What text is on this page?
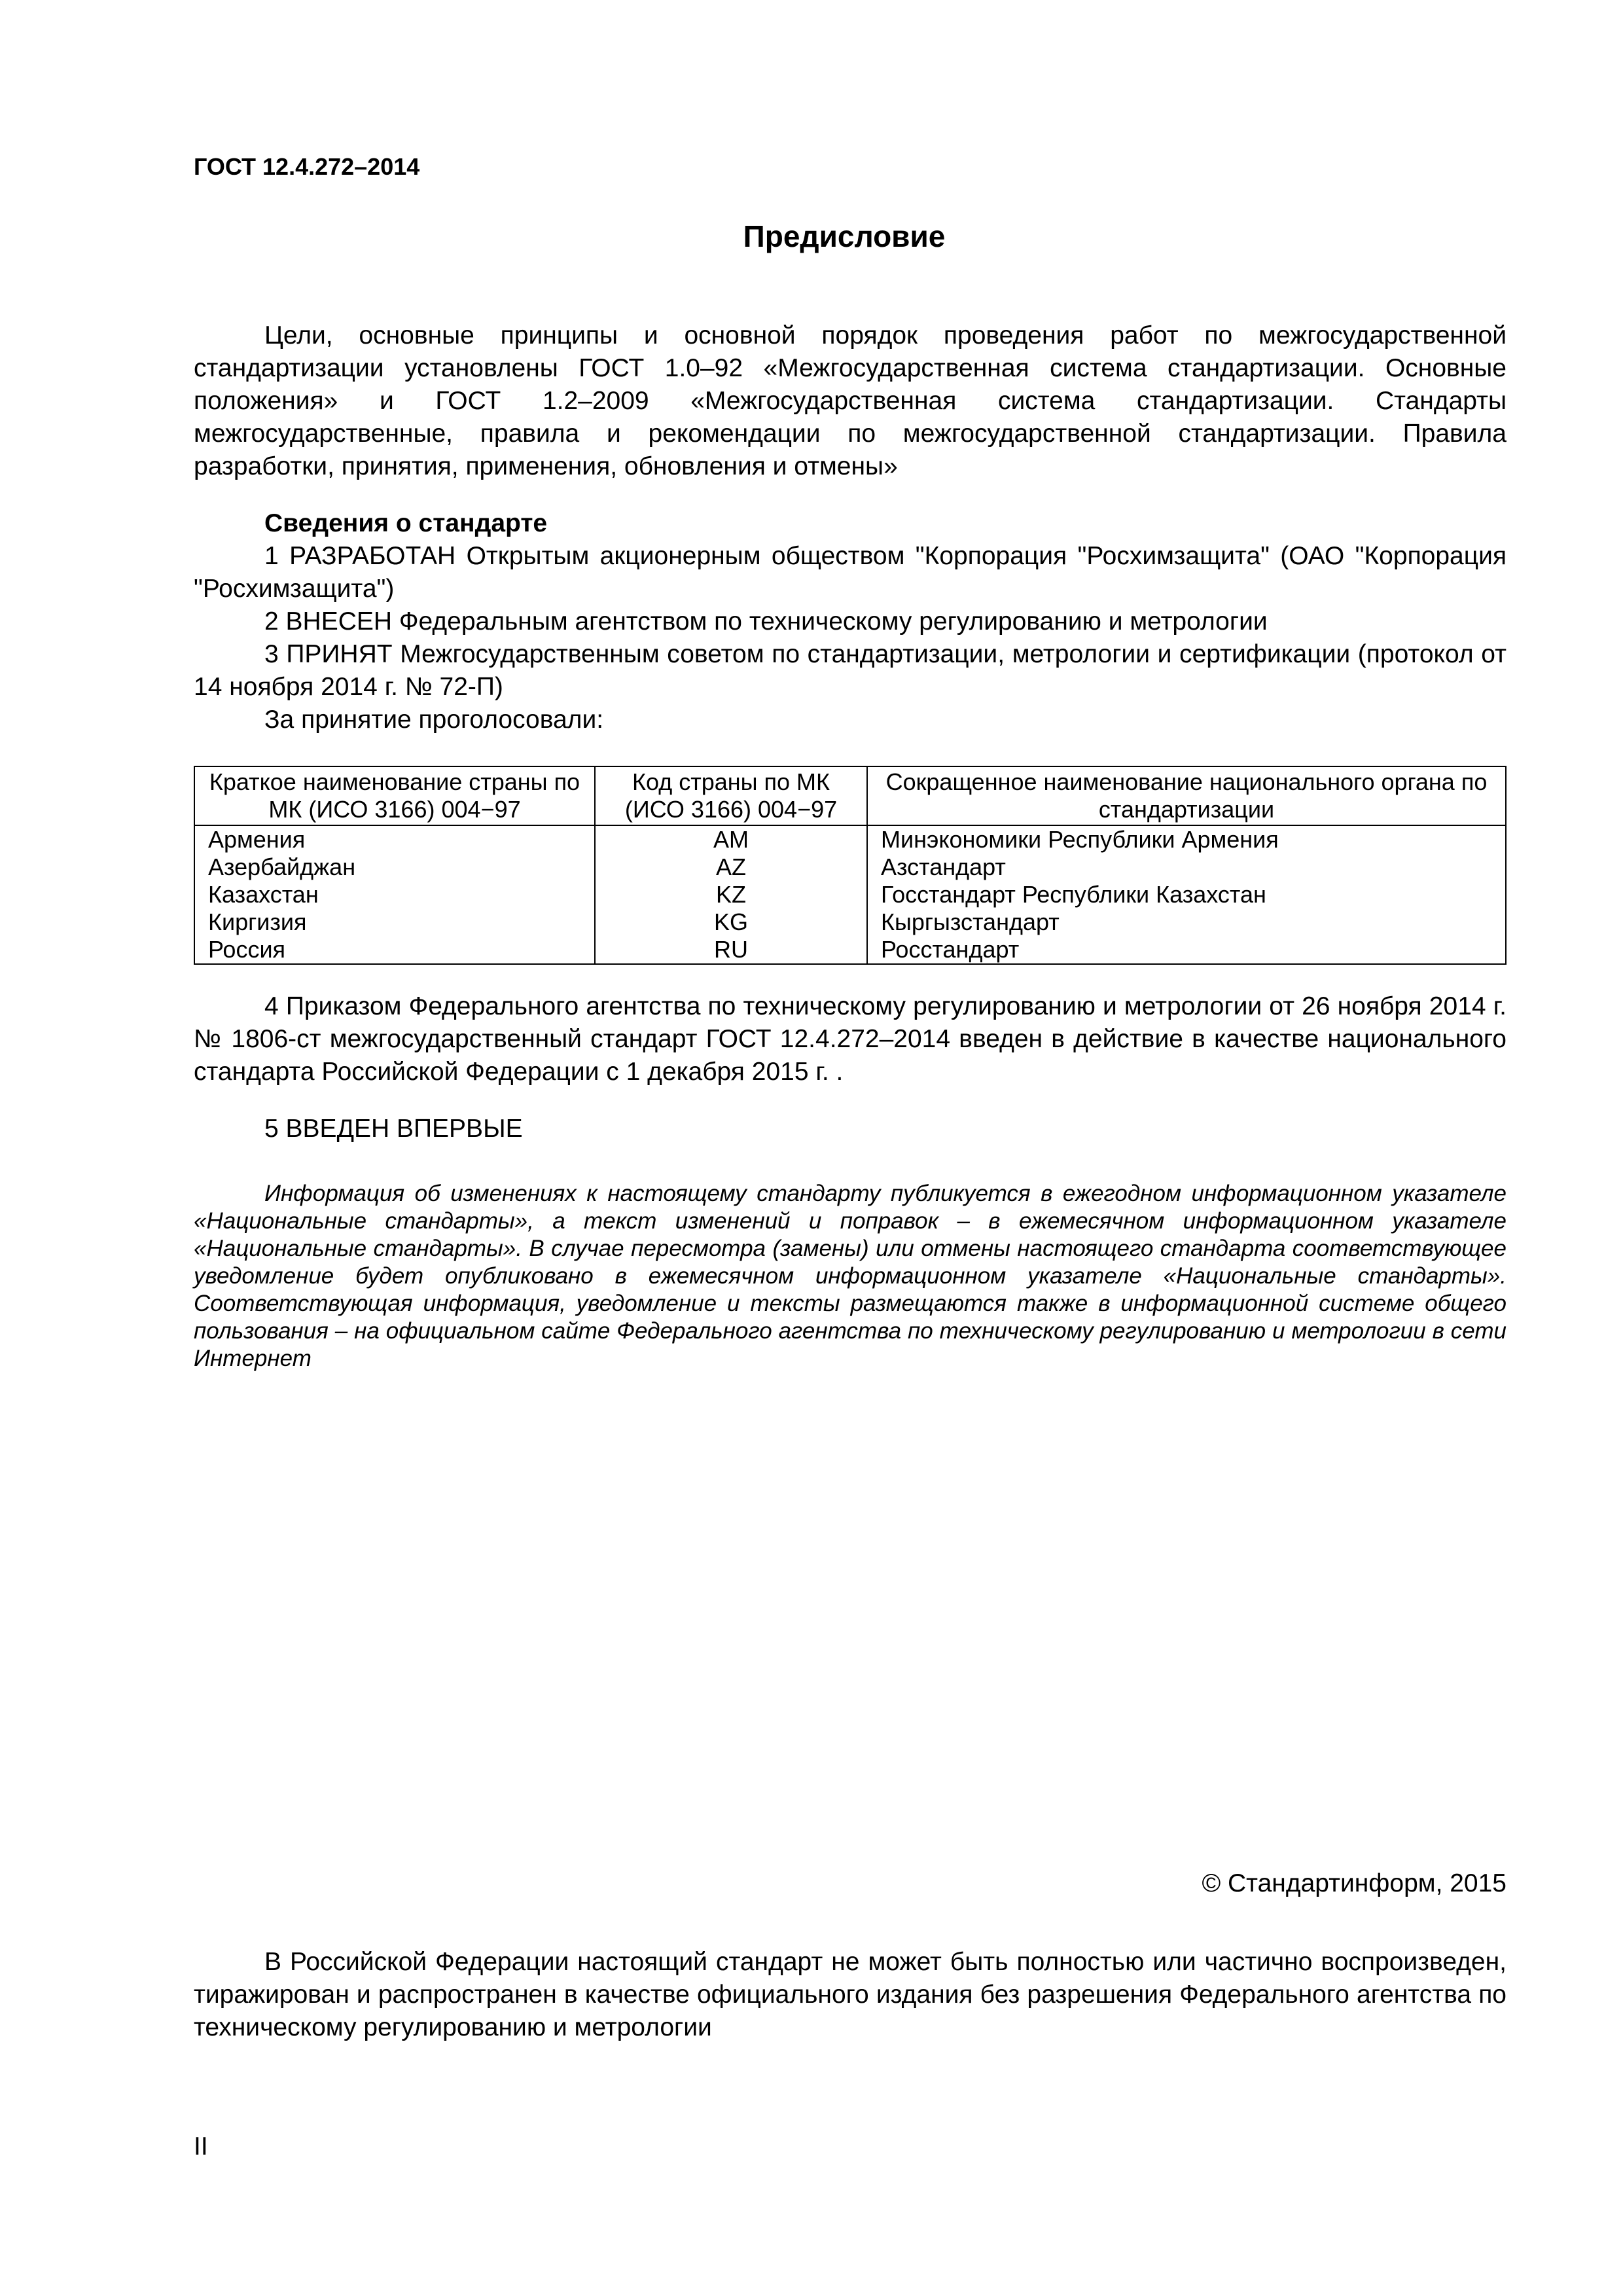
ГОСТ 12.4.272–2014
Предисловие
Цели, основные принципы и основной порядок проведения работ по межгосударственной стандартизации установлены ГОСТ 1.0–92 «Межгосударственная система стандартизации. Основные положения» и ГОСТ 1.2–2009 «Межгосударственная система стандартизации. Стандарты межгосударственные, правила и рекомендации по межгосударственной стандартизации. Правила разработки, принятия, применения, обновления и отмены»
Сведения о стандарте
1 РАЗРАБОТАН Открытым акционерным обществом "Корпорация "Росхимзащита" (ОАО "Корпорация "Росхимзащита")
2 ВНЕСЕН Федеральным агентством по техническому регулированию и метрологии
3 ПРИНЯТ Межгосударственным советом по стандартизации, метрологии и сертификации (протокол от 14 ноября 2014 г. № 72-П)
За принятие проголосовали:
Краткое наименование страны по МК (ИСО 3166) 004−97	Код страны по МК (ИСО 3166) 004−97	Сокращенное наименование национального органа по стандартизации
Армения	AM	Минэкономики Республики Армения
Азербайджан	AZ	Азстандарт
Казахстан	KZ	Госстандарт Республики Казахстан
Киргизия	KG	Кыргызстандарт
Россия	RU	Росстандарт
4 Приказом Федерального агентства по техническому регулированию и метрологии от 26 ноября 2014 г. № 1806-ст межгосударственный стандарт ГОСТ 12.4.272–2014 введен в действие в качестве национального стандарта Российской Федерации с 1 декабря 2015 г. .
5 ВВЕДЕН ВПЕРВЫЕ
Информация об изменениях к настоящему стандарту публикуется в ежегодном информационном указателе «Национальные стандарты», а текст изменений и поправок – в ежемесячном информационном указателе «Национальные стандарты». В случае пересмотра (замены) или отмены настоящего стандарта соответствующее уведомление будет опубликовано в ежемесячном информационном указателе «Национальные стандарты». Соответствующая информация, уведомление и тексты размещаются также в информационной системе общего пользования – на официальном сайте Федерального агентства по техническому регулированию и метрологии в сети Интернет
© Стандартинформ, 2015
В Российской Федерации настоящий стандарт не может быть полностью или частично воспроизведен, тиражирован и распространен в качестве официального издания без разрешения Федерального агентства по техническому регулированию и метрологии
II
